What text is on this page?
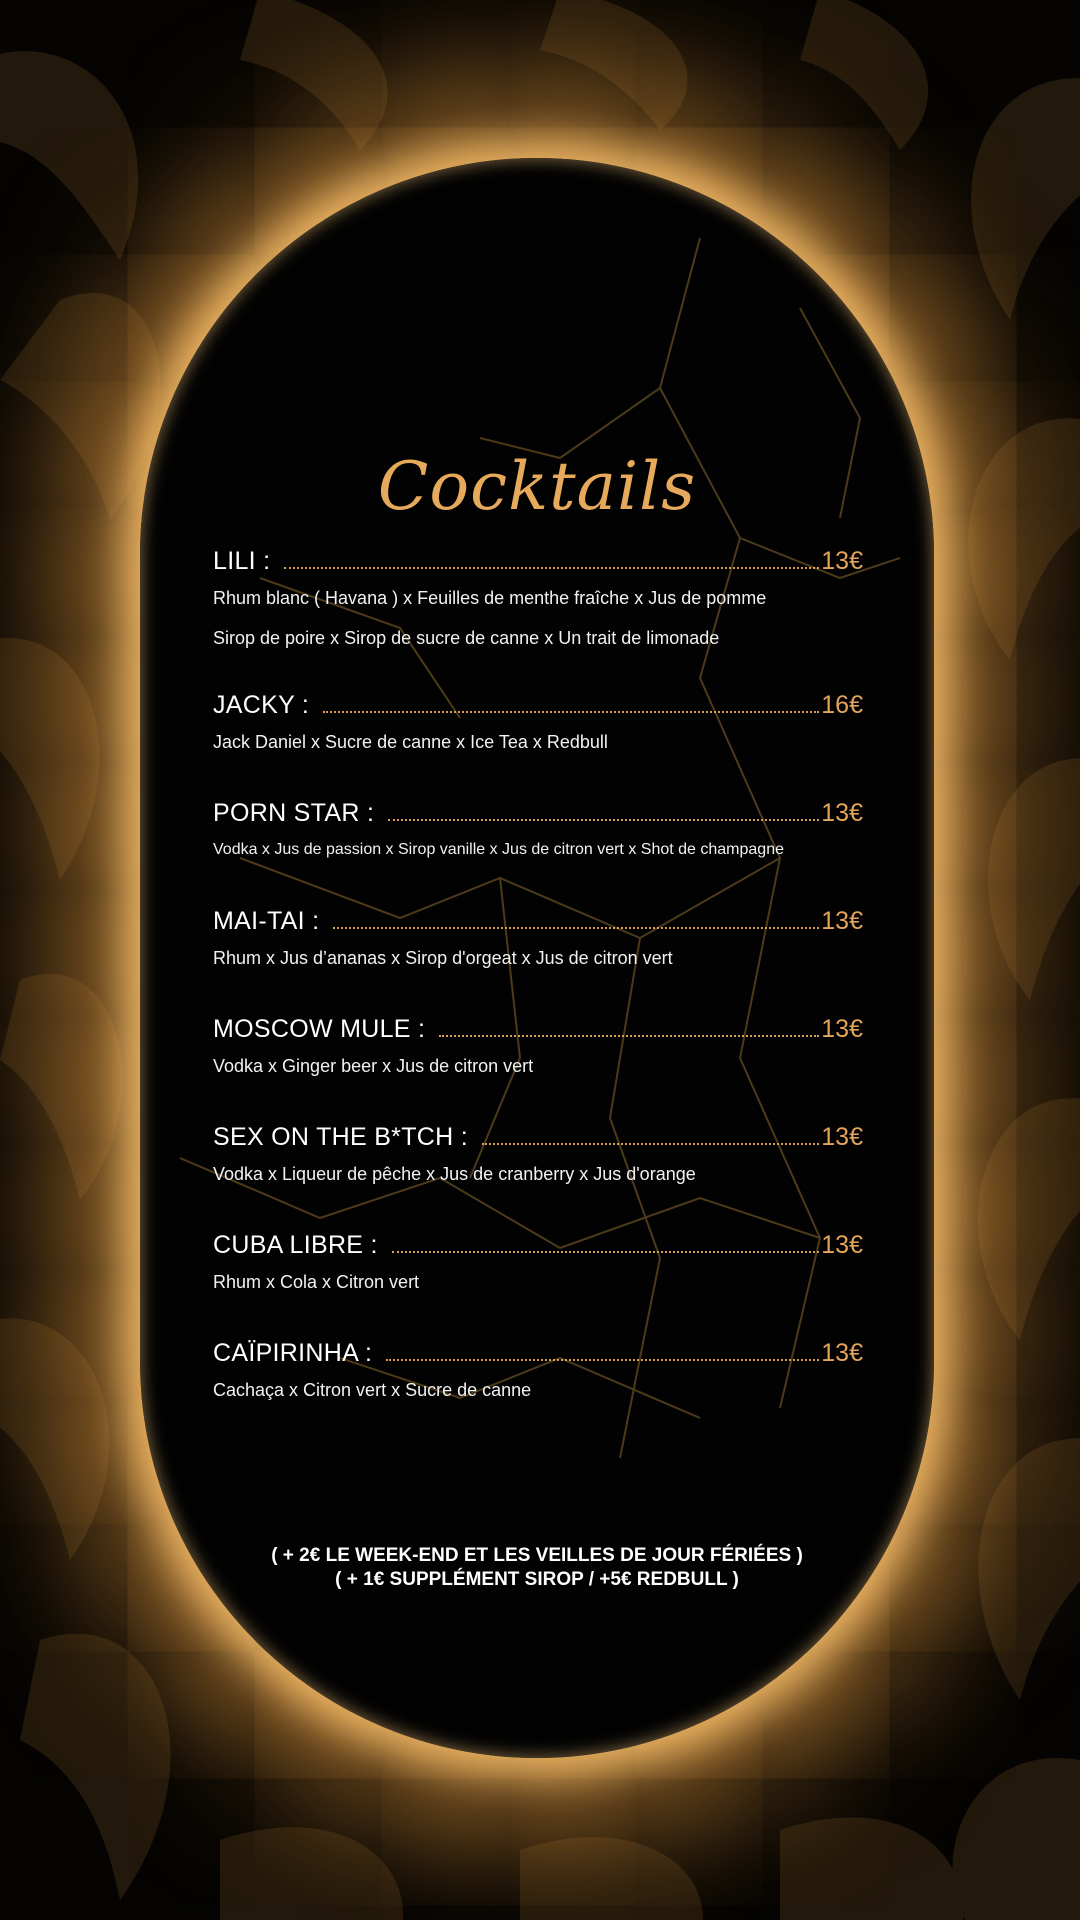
Cocktails
LILI :	13€
Rhum blanc ( Havana ) x Feuilles de menthe fraîche x Jus de pomme
Sirop de poire x Sirop de sucre de canne x Un trait de limonade
JACKY :	16€
Jack Daniel x Sucre de canne x Ice Tea x Redbull
PORN STAR :	13€
Vodka x Jus de passion x Sirop vanille x Jus de citron vert x Shot de champagne
MAI-TAI :	13€
Rhum x Jus d’ananas x Sirop d'orgeat x Jus de citron vert
MOSCOW MULE :	13€
Vodka x Ginger beer x Jus de citron vert
SEX ON THE B*TCH :	13€
Vodka x Liqueur de pêche x Jus de cranberry x Jus d'orange
CUBA LIBRE :	13€
Rhum x Cola x Citron vert
CAÏPIRINHA :	13€
Cachaça x Citron vert x Sucre de canne
( + 2€ LE WEEK-END ET LES VEILLES DE JOUR FÉRIÉES )
( + 1€ SUPPLÉMENT SIROP / +5€ REDBULL )
